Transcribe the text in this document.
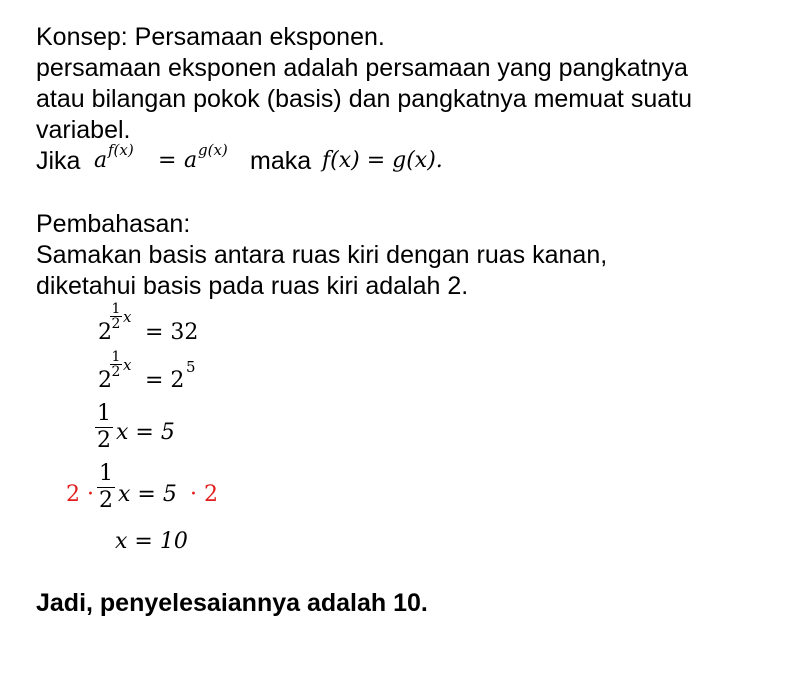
Konsep: Persamaan eksponen.

persamaan eksponen adalah persamaan yang pangkatnya

atau bilangan pokok (basis) dan pangkatnya memuat suatu

variabel.

Jika a f(x) = a g(x) maka f(x) = g(x).

Pembahasan:

Samakan basis antara ruas kiri dengan ruas kanan,

diketahui basis pada ruas kiri adalah 2.

2
1
2 x
= 32
2
1
2 x
= 2
5
1
2 x = 5
2 ·
1
2 x = 5 · 2
x = 10

Jadi, penyelesaiannya adalah 10.
